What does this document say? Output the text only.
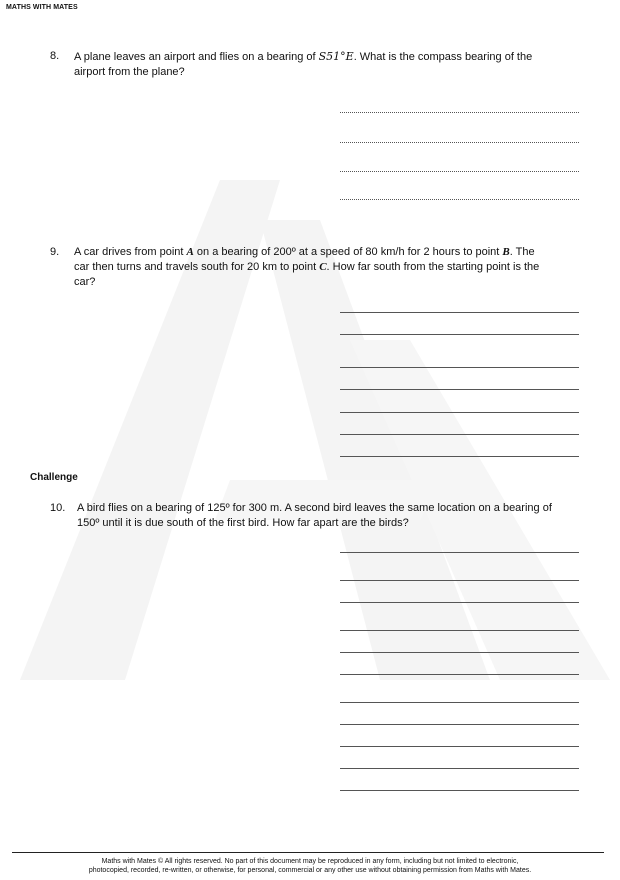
MATHS WITH MATES
8. A plane leaves an airport and flies on a bearing of S51°E. What is the compass bearing of the
airport from the plane?
9. A car drives from point A on a bearing of 200º at a speed of 80 km/h for 2 hours to point B. The
car then turns and travels south for 20 km to point C. How far south from the starting point is the
car?
Challenge
10. A bird flies on a bearing of 125º for 300 m. A second bird leaves the same location on a bearing of
150º until it is due south of the first bird. How far apart are the birds?
Maths with Mates © All rights reserved. No part of this document may be reproduced in any form, including but not limited to electronic,
photocopied, recorded, re-written, or otherwise, for personal, commercial or any other use without obtaining permission from Maths with Mates.
